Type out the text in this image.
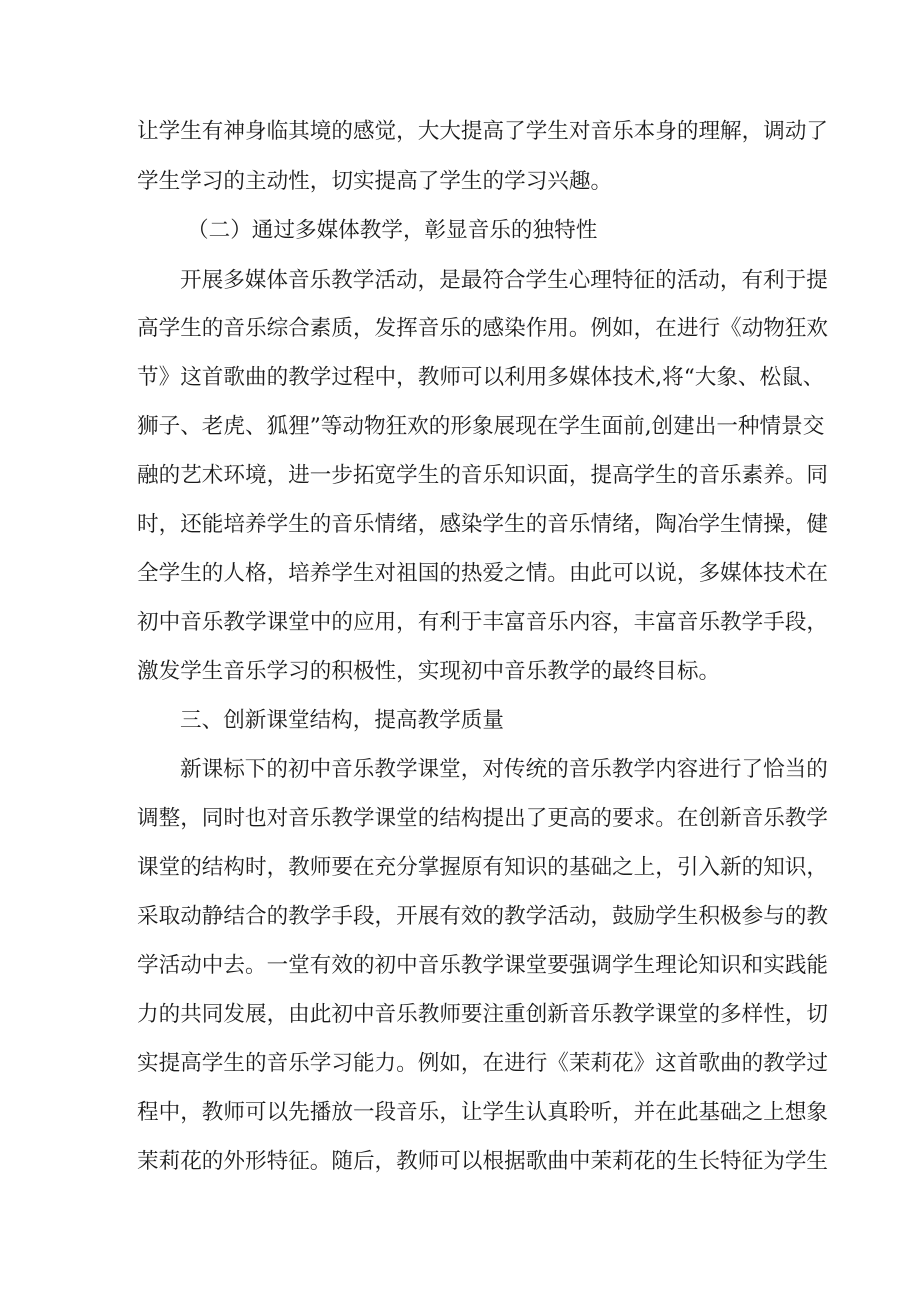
让学生有神身临其境的感觉，大大提高了学生对音乐本身的理解，调动了
学生学习的主动性，切实提高了学生的学习兴趣。
（二）通过多媒体教学，彰显音乐的独特性
开展多媒体音乐教学活动，是最符合学生心理特征的活动，有利于提
高学生的音乐综合素质，发挥音乐的感染作用。例如，在进行《动物狂欢
节》这首歌曲的教学过程中，教师可以利用多媒体技术,将“大象、松鼠、
狮子、老虎、狐狸”等动物狂欢的形象展现在学生面前,创建出一种情景交
融的艺术环境，进一步拓宽学生的音乐知识面，提高学生的音乐素养。同
时，还能培养学生的音乐情绪，感染学生的音乐情绪，陶冶学生情操，健
全学生的人格，培养学生对祖国的热爱之情。由此可以说，多媒体技术在
初中音乐教学课堂中的应用，有利于丰富音乐内容，丰富音乐教学手段，
激发学生音乐学习的积极性，实现初中音乐教学的最终目标。
三、创新课堂结构，提高教学质量
新课标下的初中音乐教学课堂，对传统的音乐教学内容进行了恰当的
调整，同时也对音乐教学课堂的结构提出了更高的要求。在创新音乐教学
课堂的结构时，教师要在充分掌握原有知识的基础之上，引入新的知识，
采取动静结合的教学手段，开展有效的教学活动，鼓励学生积极参与的教
学活动中去。一堂有效的初中音乐教学课堂要强调学生理论知识和实践能
力的共同发展，由此初中音乐教师要注重创新音乐教学课堂的多样性，切
实提高学生的音乐学习能力。例如，在进行《茉莉花》这首歌曲的教学过
程中，教师可以先播放一段音乐，让学生认真聆听，并在此基础之上想象
茉莉花的外形特征。随后，教师可以根据歌曲中茉莉花的生长特征为学生
